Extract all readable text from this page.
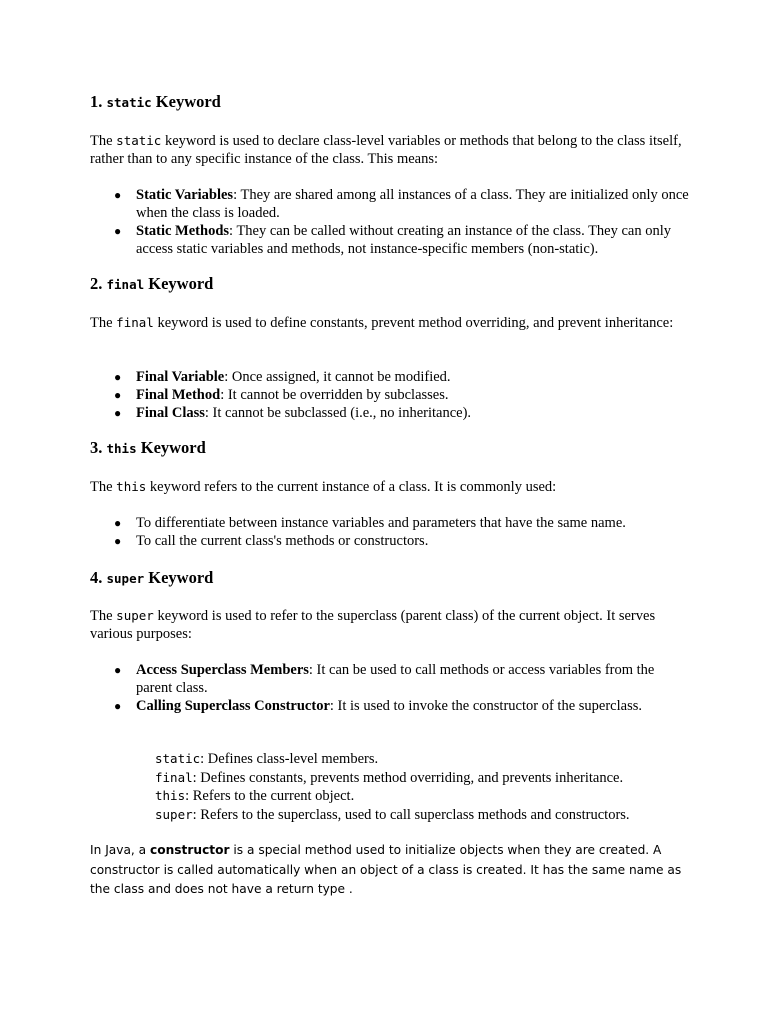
1. static Keyword

The static keyword is used to declare class-level variables or methods that belong to the class itself, rather than to any specific instance of the class. This means:

● Static Variables: They are shared among all instances of a class. They are initialized only once when the class is loaded.
● Static Methods: They can be called without creating an instance of the class. They can only access static variables and methods, not instance-specific members (non-static).
2. final Keyword

The final keyword is used to define constants, prevent method overriding, and prevent inheritance:

● Final Variable: Once assigned, it cannot be modified.
● Final Method: It cannot be overridden by subclasses.
● Final Class: It cannot be subclassed (i.e., no inheritance).
3. this Keyword

The this keyword refers to the current instance of a class. It is commonly used:

● To differentiate between instance variables and parameters that have the same name.
● To call the current class's methods or constructors.
4. super Keyword

The super keyword is used to refer to the superclass (parent class) of the current object. It serves various purposes:

● Access Superclass Members: It can be used to call methods or access variables from the parent class.
● Calling Superclass Constructor: It is used to invoke the constructor of the superclass.
static: Defines class-level members.
final: Defines constants, prevents method overriding, and prevents inheritance.
this: Refers to the current object.
super: Refers to the superclass, used to call superclass methods and constructors.

In Java, a constructor is a special method used to initialize objects when they are created. A constructor is called automatically when an object of a class is created. It has the same name as the class and does not have a return type .
